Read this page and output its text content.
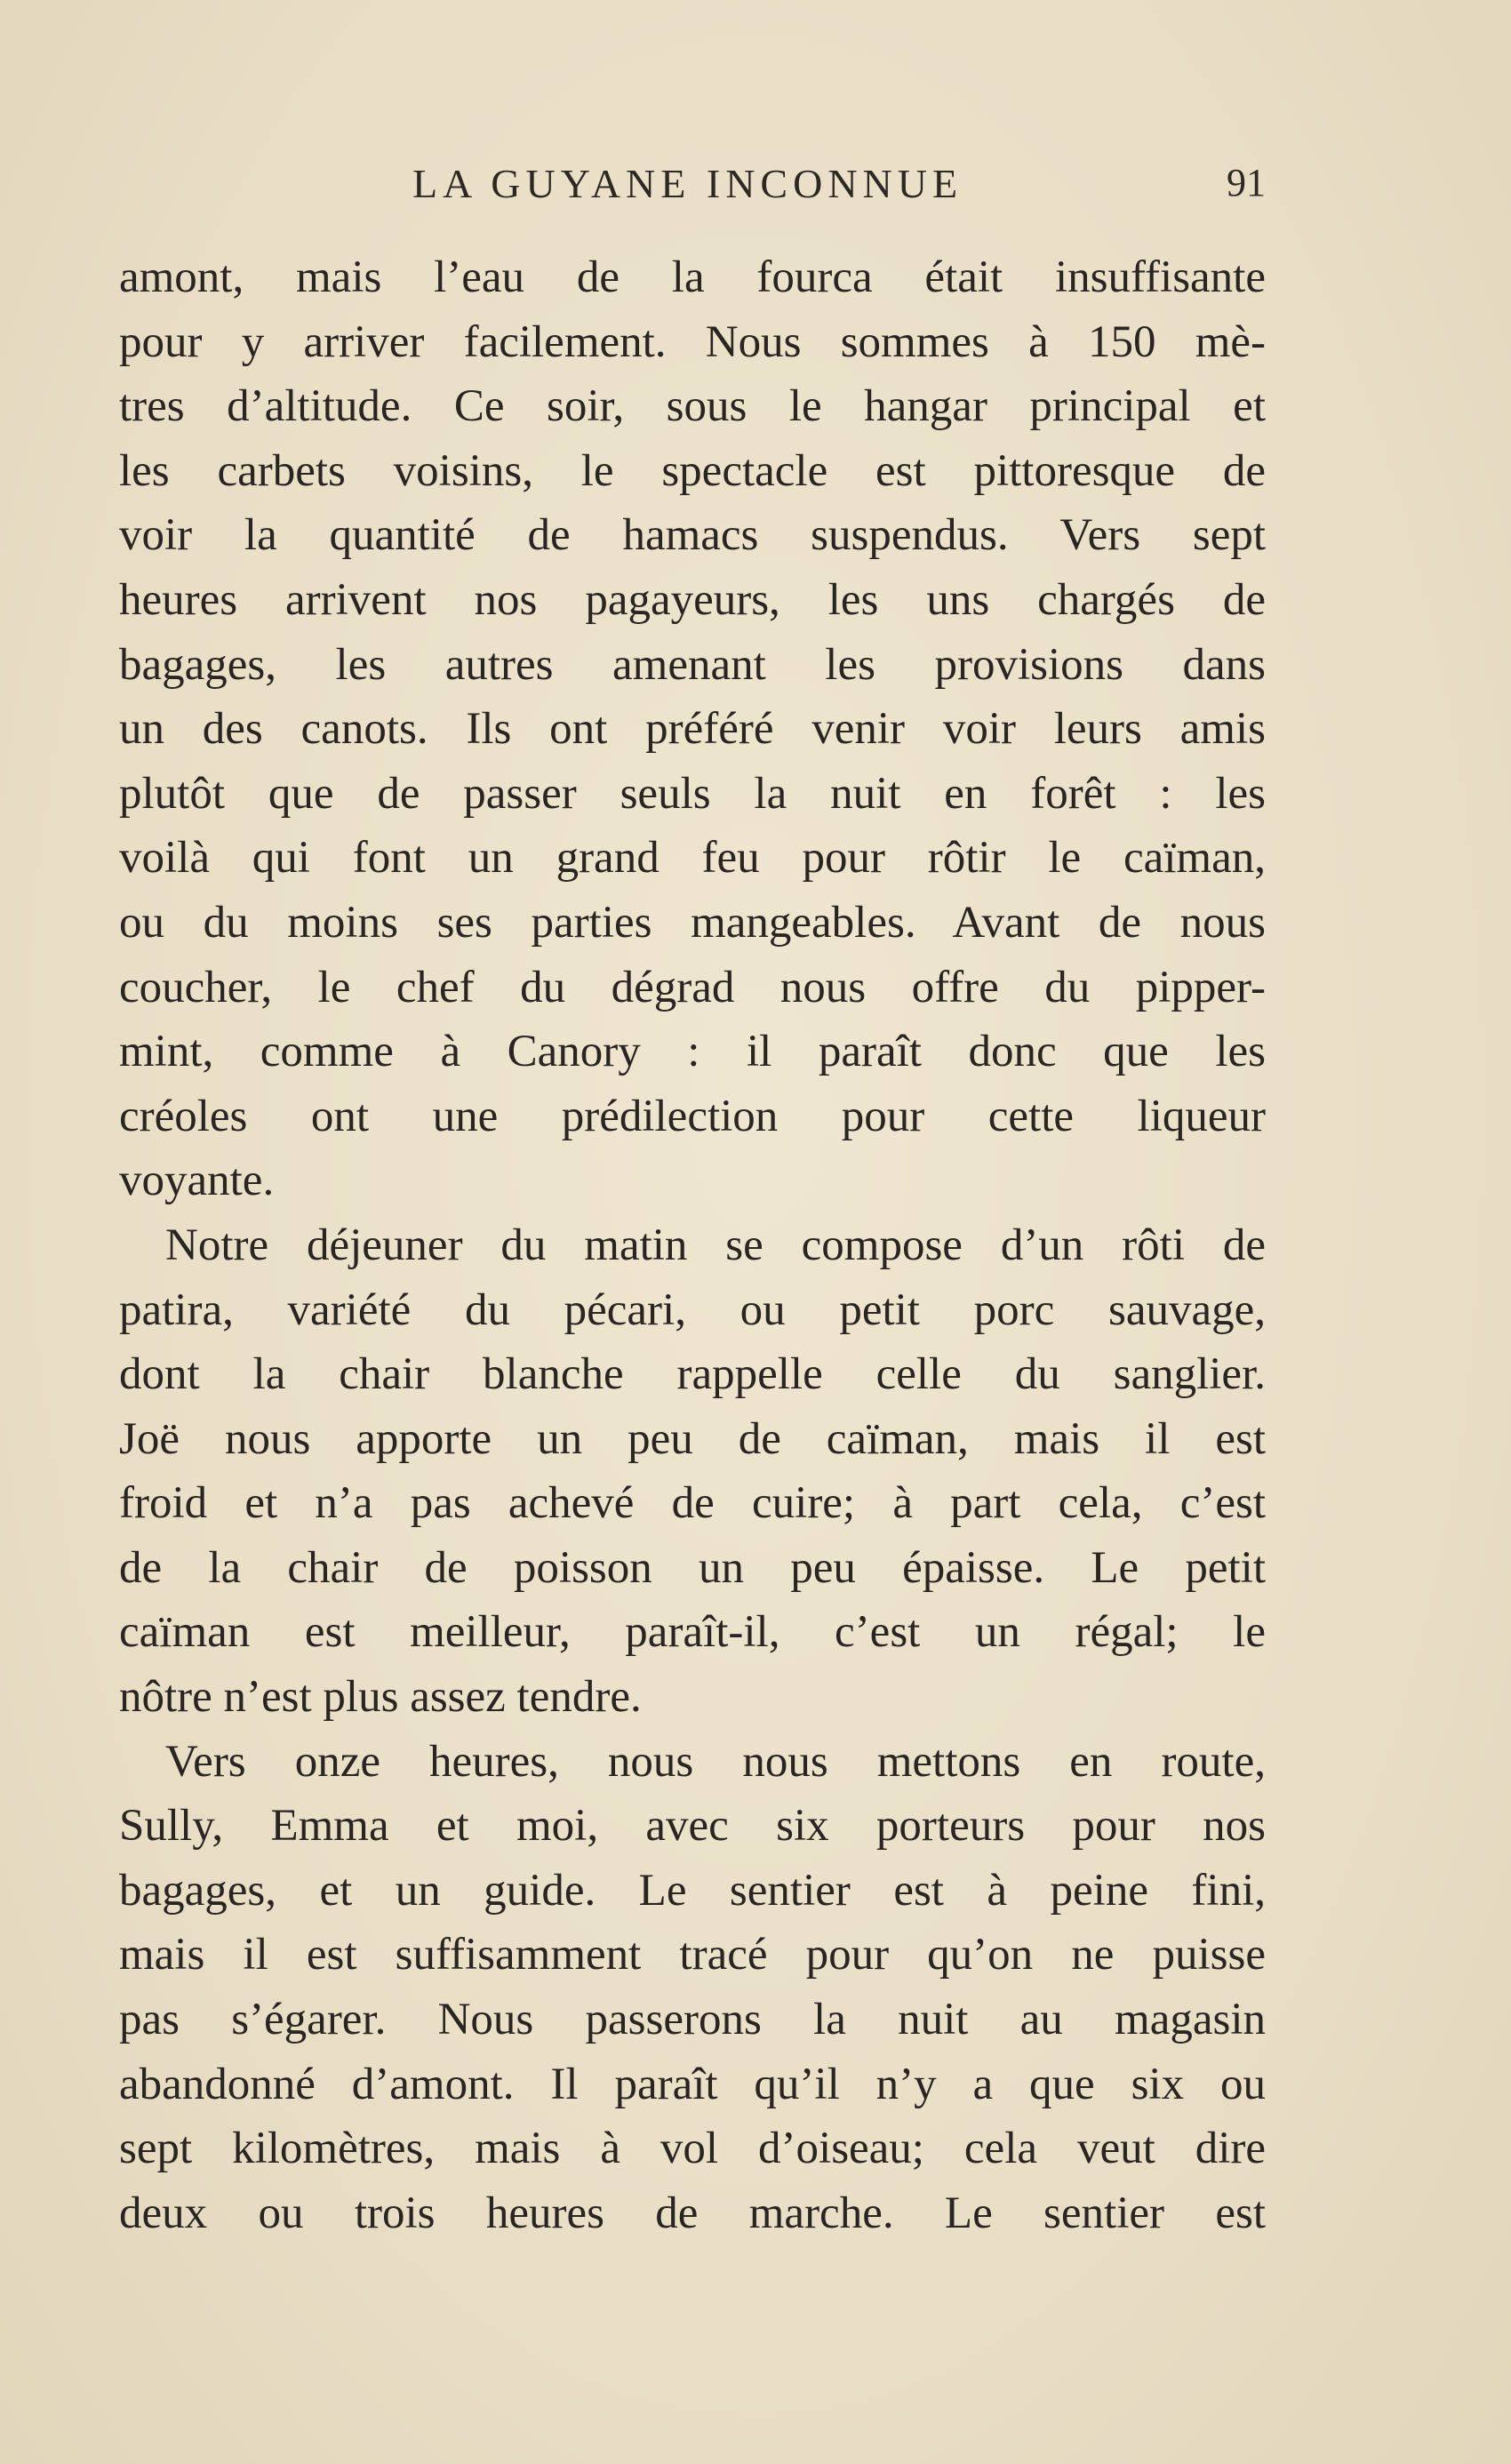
LA GUYANE INCONNUE	91
amont, mais l’eau de la fourca était insuffisante
pour y arriver facilement. Nous sommes à 150 mè-
tres d’altitude. Ce soir, sous le hangar principal et
les carbets voisins, le spectacle est pittoresque de
voir la quantité de hamacs suspendus. Vers sept
heures arrivent nos pagayeurs, les uns chargés de
bagages, les autres amenant les provisions dans
un des canots. Ils ont préféré venir voir leurs amis
plutôt que de passer seuls la nuit en forêt : les
voilà qui font un grand feu pour rôtir le caïman,
ou du moins ses parties mangeables. Avant de nous
coucher, le chef du dégrad nous offre du pipper-
mint, comme à Canory : il paraît donc que les
créoles ont une prédilection pour cette liqueur
voyante.
Notre déjeuner du matin se compose d’un rôti de
patira, variété du pécari, ou petit porc sauvage,
dont la chair blanche rappelle celle du sanglier.
Joë nous apporte un peu de caïman, mais il est
froid et n’a pas achevé de cuire; à part cela, c’est
de la chair de poisson un peu épaisse. Le petit
caïman est meilleur, paraît-il, c’est un régal; le
nôtre n’est plus assez tendre.
Vers onze heures, nous nous mettons en route,
Sully, Emma et moi, avec six porteurs pour nos
bagages, et un guide. Le sentier est à peine fini,
mais il est suffisamment tracé pour qu’on ne puisse
pas s’égarer. Nous passerons la nuit au magasin
abandonné d’amont. Il paraît qu’il n’y a que six ou
sept kilomètres, mais à vol d’oiseau; cela veut dire
deux ou trois heures de marche. Le sentier est
